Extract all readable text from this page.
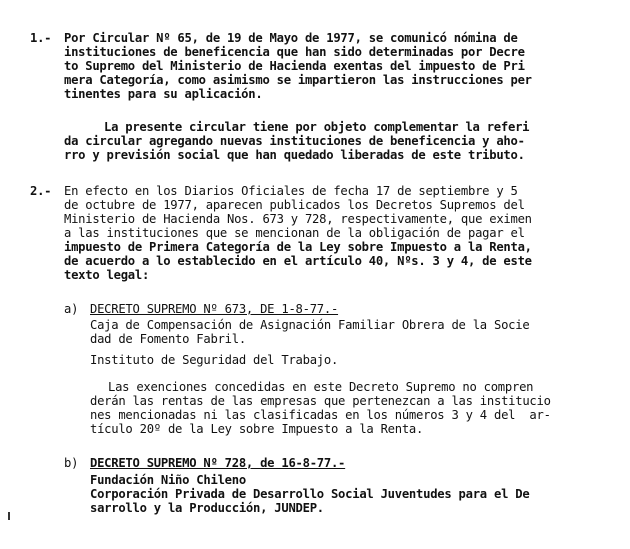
1.- Por Circular Nº 65, de 19 de Mayo de 1977, se comunicó nómina de
instituciones de beneficencia que han sido determinadas por Decre
to Supremo del Ministerio de Hacienda exentas del impuesto de Pri
mera Categoría, como asimismo se impartieron las instrucciones per
tinentes para su aplicación.
La presente circular tiene por objeto complementar la referi
da circular agregando nuevas instituciones de beneficencia y aho-
rro y previsión social que han quedado liberadas de este tributo.
2.- En efecto en los Diarios Oficiales de fecha 17 de septiembre y 5
de octubre de 1977, aparecen publicados los Decretos Supremos del
Ministerio de Hacienda Nos. 673 y 728, respectivamente, que eximen
a las instituciones que se mencionan de la obligación de pagar el
impuesto de Primera Categoría de la Ley sobre Impuesto a la Renta,
de acuerdo a lo establecido en el artículo 40, Nºs. 3 y 4, de este
texto legal:
a) DECRETO SUPREMO Nº 673, DE 1-8-77.-
Caja de Compensación de Asignación Familiar Obrera de la Socie
dad de Fomento Fabril.
Instituto de Seguridad del Trabajo.
Las exenciones concedidas en este Decreto Supremo no compren
derán las rentas de las empresas que pertenezcan a las institucio
nes mencionadas ni las clasificadas en los números 3 y 4 del  ar-
tículo 20º de la Ley sobre Impuesto a la Renta.
b) DECRETO SUPREMO Nº 728, de 16-8-77.-
Fundación Niño Chileno
Corporación Privada de Desarrollo Social Juventudes para el De
sarrollo y la Producción, JUNDEP.
